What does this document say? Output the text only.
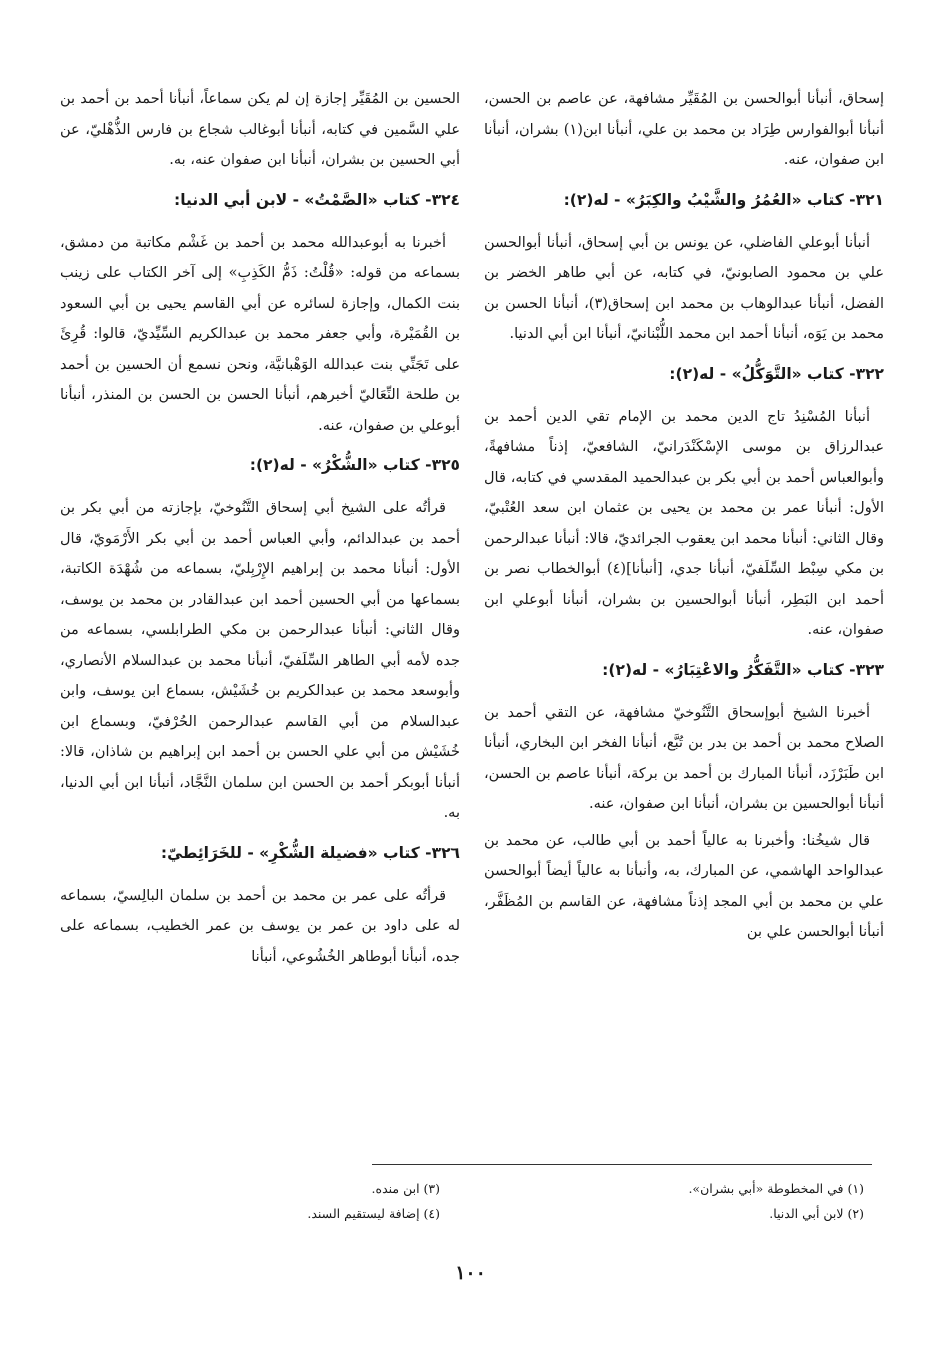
إسحاق، أنبأنا أبوالحسن بن المُقَيِّر مشافهة، عن عاصم بن الحسن، أنبأنا أبوالفوارس طِرَاد بن محمد بن علي، أنبأنا ابن(١) بشران، أنبأنا ابن صفوان، عنه.

٣٢١- كتاب «العُمُرُ والشَّيْبُ والكِبَرُ» - له(٢):

أنبأنا أبوعلي الفاضلي، عن يونس بن أبي إسحاق، أنبأنا أبوالحسن علي بن محمود الصابونيّ، في كتابه، عن أبي طاهر الخضر بن الفضل، أنبأنا عبدالوهاب بن محمد ابن إسحاق(٣)، أنبأنا الحسن بن محمد بن يَوَه، أنبأنا أحمد ابن محمد اللُّبْنانيّ، أنبأنا ابن أبي الدنيا.

٣٢٢- كتاب «التَّوَكُّلُ» - له(٢):

أنبأنا المُسْنِدُ تاج الدين محمد بن الإمام تقي الدين أحمد بن عبدالرزاق بن موسى الإسْكَنْدَرانيّ، الشافعيّ، إذناً مشافهةً، وأبوالعباس أحمد بن أبي بكر بن عبدالحميد المقدسي في كتابه، قال الأول: أنبأنا عمر بن محمد بن يحيى بن عثمان ابن سعد العُتْبيّ، وقال الثاني: أنبأنا محمد ابن يعقوب الجرائديّ، قالا: أنبأنا عبدالرحمن بن مكي سِبْط السِّلَفيّ، أنبأنا جدي، [أنبأنا](٤) أبوالخطاب نصر بن أحمد ابن البَطِر، أنبأنا أبوالحسين بن بشران، أنبأنا أبوعلي ابن صفوان، عنه.

٣٢٣- كتاب «التَّفَكُّرُ والاعْتِبَارُ» - له(٢):

أخبرنا الشيخ أبوإسحاق التَّنُوخيّ مشافهة، عن التقي أحمد بن الصلاح محمد بن أحمد بن بدر بن تُبَّع، أنبأنا الفخر ابن البخاري، أنبأنا ابن طَبَرْزَد، أنبأنا المبارك بن أحمد بن بركة، أنبأنا عاصم بن الحسن، أنبأنا أبوالحسين بن بشران، أنبأنا ابن صفوان، عنه.

قال شيخُنا: وأخبرنا به عالياً أحمد بن أبي طالب، عن محمد بن عبدالواحد الهاشمي، عن المبارك، به، وأنبأنا به عالياً أيضاً أبوالحسن علي بن محمد بن أبي المجد إذناً مشافهة، عن القاسم بن المُظَفَّر، أنبأنا أبوالحسن علي بن

الحسين بن المُقَيِّر إجازة إن لم يكن سماعاً، أنبأنا أحمد بن أحمد بن علي السَّمين في كتابه، أنبأنا أبوغالب شجاع بن فارس الذُّهْليّ، عن أبي الحسين بن بشران، أنبأنا ابن صفوان عنه، به.

٣٢٤- كتاب «الصَّمْتُ» - لابن أبي الدنيا:

أخبرنا به أبوعبدالله محمد بن أحمد بن غَشْم مكاتبة من دمشق، بسماعه من قوله: «قُلْتُ: ذَمُّ الكَذِبِ» إلى آخر الكتاب على زينب بنت الكمال، وإجازة لسائره عن أبي القاسم يحيى بن أبي السعود بن القُمَيْرة، وأبي جعفر محمد بن عبدالكريم السِّيِّديّ، قالوا: قُرِئَ على تَجَنِّي بنت عبدالله الوَهْبانيَّة، ونحن نسمع أن الحسين بن أحمد بن طلحة النِّعَاليّ أخبرهم، أنبأنا الحسن بن الحسن بن المنذر، أنبأنا أبوعلي بن صفوان، عنه.

٣٢٥- كتاب «الشُّكْرُ» - له(٢):

قرأتُه على الشيخ أبي إسحاق التَّنُوخيّ، بإجازته من أبي بكر بن أحمد بن عبدالدائم، وأبي العباس أحمد بن أبي بكر الأَرْمَويّ، قال الأول: أنبأنا محمد بن إبراهيم الإِرْبِليّ، بسماعه من شُهْدَة الكاتبة، بسماعها من أبي الحسين أحمد ابن عبدالقادر بن محمد بن يوسف، وقال الثاني: أنبأنا عبدالرحمن بن مكي الطرابلسي، بسماعه من جده لأمه أبي الطاهر السِّلَفيّ، أنبأنا محمد بن عبدالسلام الأنصاري، وأبوسعد محمد بن عبدالكريم بن خُشَيْش، بسماع ابن يوسف، وابن عبدالسلام من أبي القاسم عبدالرحمن الحُرْفيّ، وبسماع ابن خُشَيْش من أبي علي الحسن بن أحمد ابن إبراهيم بن شاذان، قالا: أنبأنا أبوبكر أحمد بن الحسن ابن سلمان النَّجَّاد، أنبأنا ابن أبي الدنيا، به.

٣٢٦- كتاب «فضيلة الشُّكْرِ» - للخَرَائِطيّ:

قرأتُه على عمر بن محمد بن أحمد بن سلمان البالِسيّ، بسماعه له على داود بن عمر بن يوسف بن عمر الخطيب، بسماعه على جده، أنبأنا أبوطاهر الخُشُوعي، أنبأنا

(١) في المخطوطة «أبي بشران».

(٢) لابن أبي الدنيا.

(٣) ابن منده.

(٤) إضافة ليستقيم السند.

١٠٠
